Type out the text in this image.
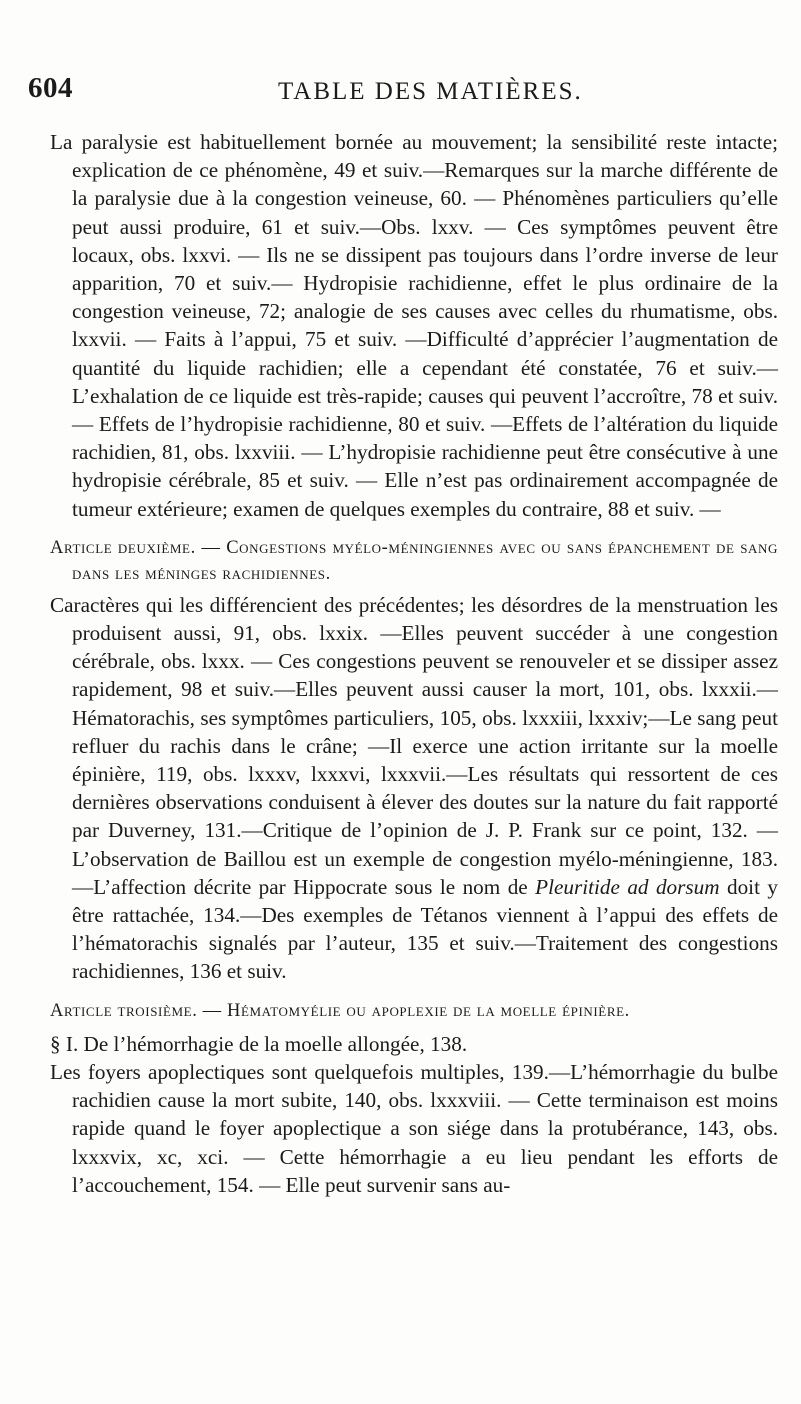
604	TABLE DES MATIÈRES.

La paralysie est habituellement bornée au mouvement; la sensibilité reste intacte; explication de ce phénomène, 49 et suiv.—Remarques sur la marche différente de la paralysie due à la congestion veineuse, 60. — Phénomènes particuliers qu’elle peut aussi produire, 61 et suiv.—Obs. lxxv. — Ces symptômes peuvent être locaux, obs. lxxvi. — Ils ne se dissipent pas toujours dans l’ordre inverse de leur apparition, 70 et suiv.— Hydropisie rachidienne, effet le plus ordinaire de la congestion veineuse, 72; analogie de ses causes avec celles du rhumatisme, obs. lxxvii. — Faits à l’appui, 75 et suiv. —Difficulté d’apprécier l’augmentation de quantité du liquide rachidien; elle a cependant été constatée, 76 et suiv.—L’exhalation de ce liquide est très-rapide; causes qui peuvent l’accroître, 78 et suiv. — Effets de l’hydropisie rachidienne, 80 et suiv. —Effets de l’altération du liquide rachidien, 81, obs. lxxviii. — L’hydropisie rachidienne peut être consécutive à une hydropisie cérébrale, 85 et suiv. — Elle n’est pas ordinairement accompagnée de tumeur extérieure; examen de quelques exemples du contraire, 88 et suiv. —

Article deuxième. — Congestions myélo-méningiennes avec ou sans épanchement de sang dans les méninges rachidiennes.

Caractères qui les différencient des précédentes; les désordres de la menstruation les produisent aussi, 91, obs. lxxix. —Elles peuvent succéder à une congestion cérébrale, obs. lxxx. — Ces congestions peuvent se renouveler et se dissiper assez rapidement, 98 et suiv.—Elles peuvent aussi causer la mort, 101, obs. lxxxii.—Hématorachis, ses symptômes particuliers, 105, obs. lxxxiii, lxxxiv;—Le sang peut refluer du rachis dans le crâne; —Il exerce une action irritante sur la moelle épinière, 119, obs. lxxxv, lxxxvi, lxxxvii.—Les résultats qui ressortent de ces dernières observations conduisent à élever des doutes sur la nature du fait rapporté par Duverney, 131.—Critique de l’opinion de J. P. Frank sur ce point, 132. —L’observation de Baillou est un exemple de congestion myélo-méningienne, 183.—L’affection décrite par Hippocrate sous le nom de Pleuritide ad dorsum doit y être rattachée, 134.—Des exemples de Tétanos viennent à l’appui des effets de l’hématorachis signalés par l’auteur, 135 et suiv.—Traitement des congestions rachidiennes, 136 et suiv.

Article troisième. — Hématomyélie ou apoplexie de la moelle épinière.

§ I. De l’hémorrhagie de la moelle allongée, 138.

Les foyers apoplectiques sont quelquefois multiples, 139.—L’hémorrhagie du bulbe rachidien cause la mort subite, 140, obs. lxxxviii. — Cette terminaison est moins rapide quand le foyer apoplectique a son siége dans la protubérance, 143, obs. lxxxvix, xc, xci. — Cette hémorrhagie a eu lieu pendant les efforts de l’accouchement, 154. — Elle peut survenir sans au-
